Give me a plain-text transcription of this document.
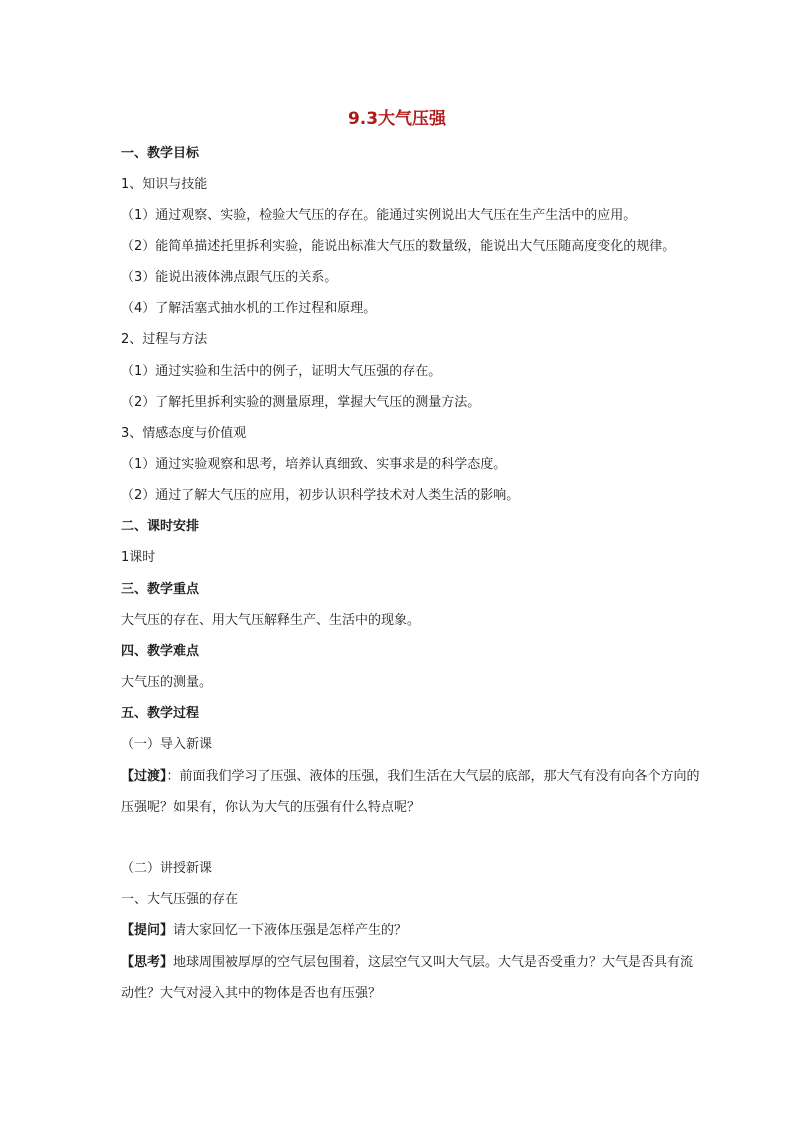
9.3大气压强
一、教学目标
1、知识与技能
（1）通过观察、实验，检验大气压的存在。能通过实例说出大气压在生产生活中的应用。
（2）能简单描述托里拆利实验，能说出标准大气压的数量级，能说出大气压随高度变化的规律。
（3）能说出液体沸点跟气压的关系。
（4）了解活塞式抽水机的工作过程和原理。
2、过程与方法
（1）通过实验和生活中的例子，证明大气压强的存在。
（2）了解托里拆利实验的测量原理，掌握大气压的测量方法。
3、情感态度与价值观
（1）通过实验观察和思考，培养认真细致、实事求是的科学态度。
（2）通过了解大气压的应用，初步认识科学技术对人类生活的影响。
二、课时安排
1课时
三、教学重点
大气压的存在、用大气压解释生产、生活中的现象。
四、教学难点
大气压的测量。
五、教学过程
（一）导入新课
【过渡】：前面我们学习了压强、液体的压强，我们生活在大气层的底部，那大气有没有向各个方向的压强呢？如果有，你认为大气的压强有什么特点呢？
（二）讲授新课
一、大气压强的存在
【提问】请大家回忆一下液体压强是怎样产生的？
【思考】地球周围被厚厚的空气层包围着，这层空气又叫大气层。大气是否受重力？大气是否具有流动性？大气对浸入其中的物体是否也有压强？
